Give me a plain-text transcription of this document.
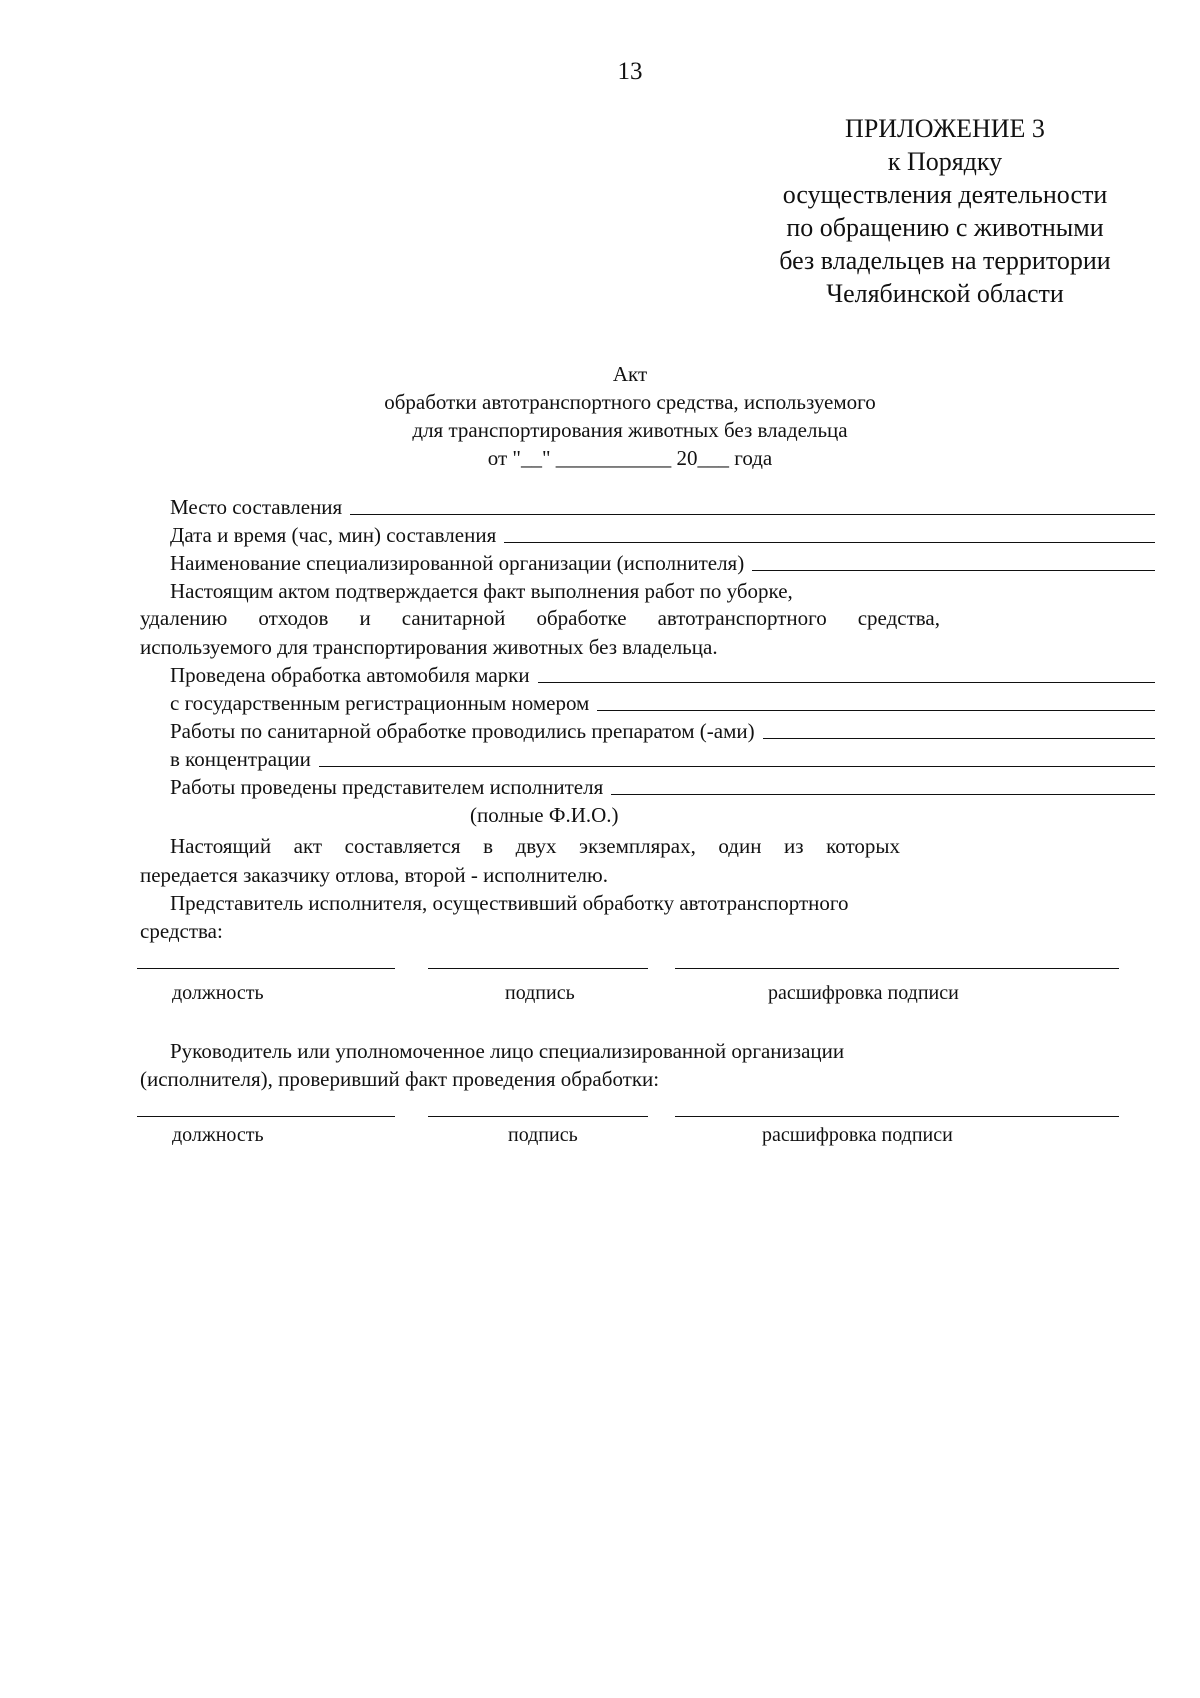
13
ПРИЛОЖЕНИЕ 3
к Порядку
осуществления деятельности
по обращению с животными
без владельцев на территории
Челябинской области
Акт
обработки автотранспортного средства, используемого
для транспортирования животных без владельца
от "__" ___________ 20___ года
Место составления
Дата и время (час, мин) составления
Наименование специализированной организации (исполнителя)
Настоящим актом подтверждается факт выполнения работ по уборке,
удалению отходов и санитарной обработке автотранспортного средства,
используемого для транспортирования животных без владельца.
Проведена обработка автомобиля марки
с государственным регистрационным номером
Работы по санитарной обработке проводились препаратом (-ами)
в концентрации
Работы проведены представителем исполнителя
(полные Ф.И.О.)
Настоящий акт составляется в двух экземплярах, один из которых
передается заказчику отлова, второй - исполнителю.
Представитель исполнителя, осуществивший обработку автотранспортного
средства:
должность	подпись	расшифровка подписи
Руководитель или уполномоченное лицо специализированной организации
(исполнителя), проверивший факт проведения обработки:
должность	подпись	расшифровка подписи
